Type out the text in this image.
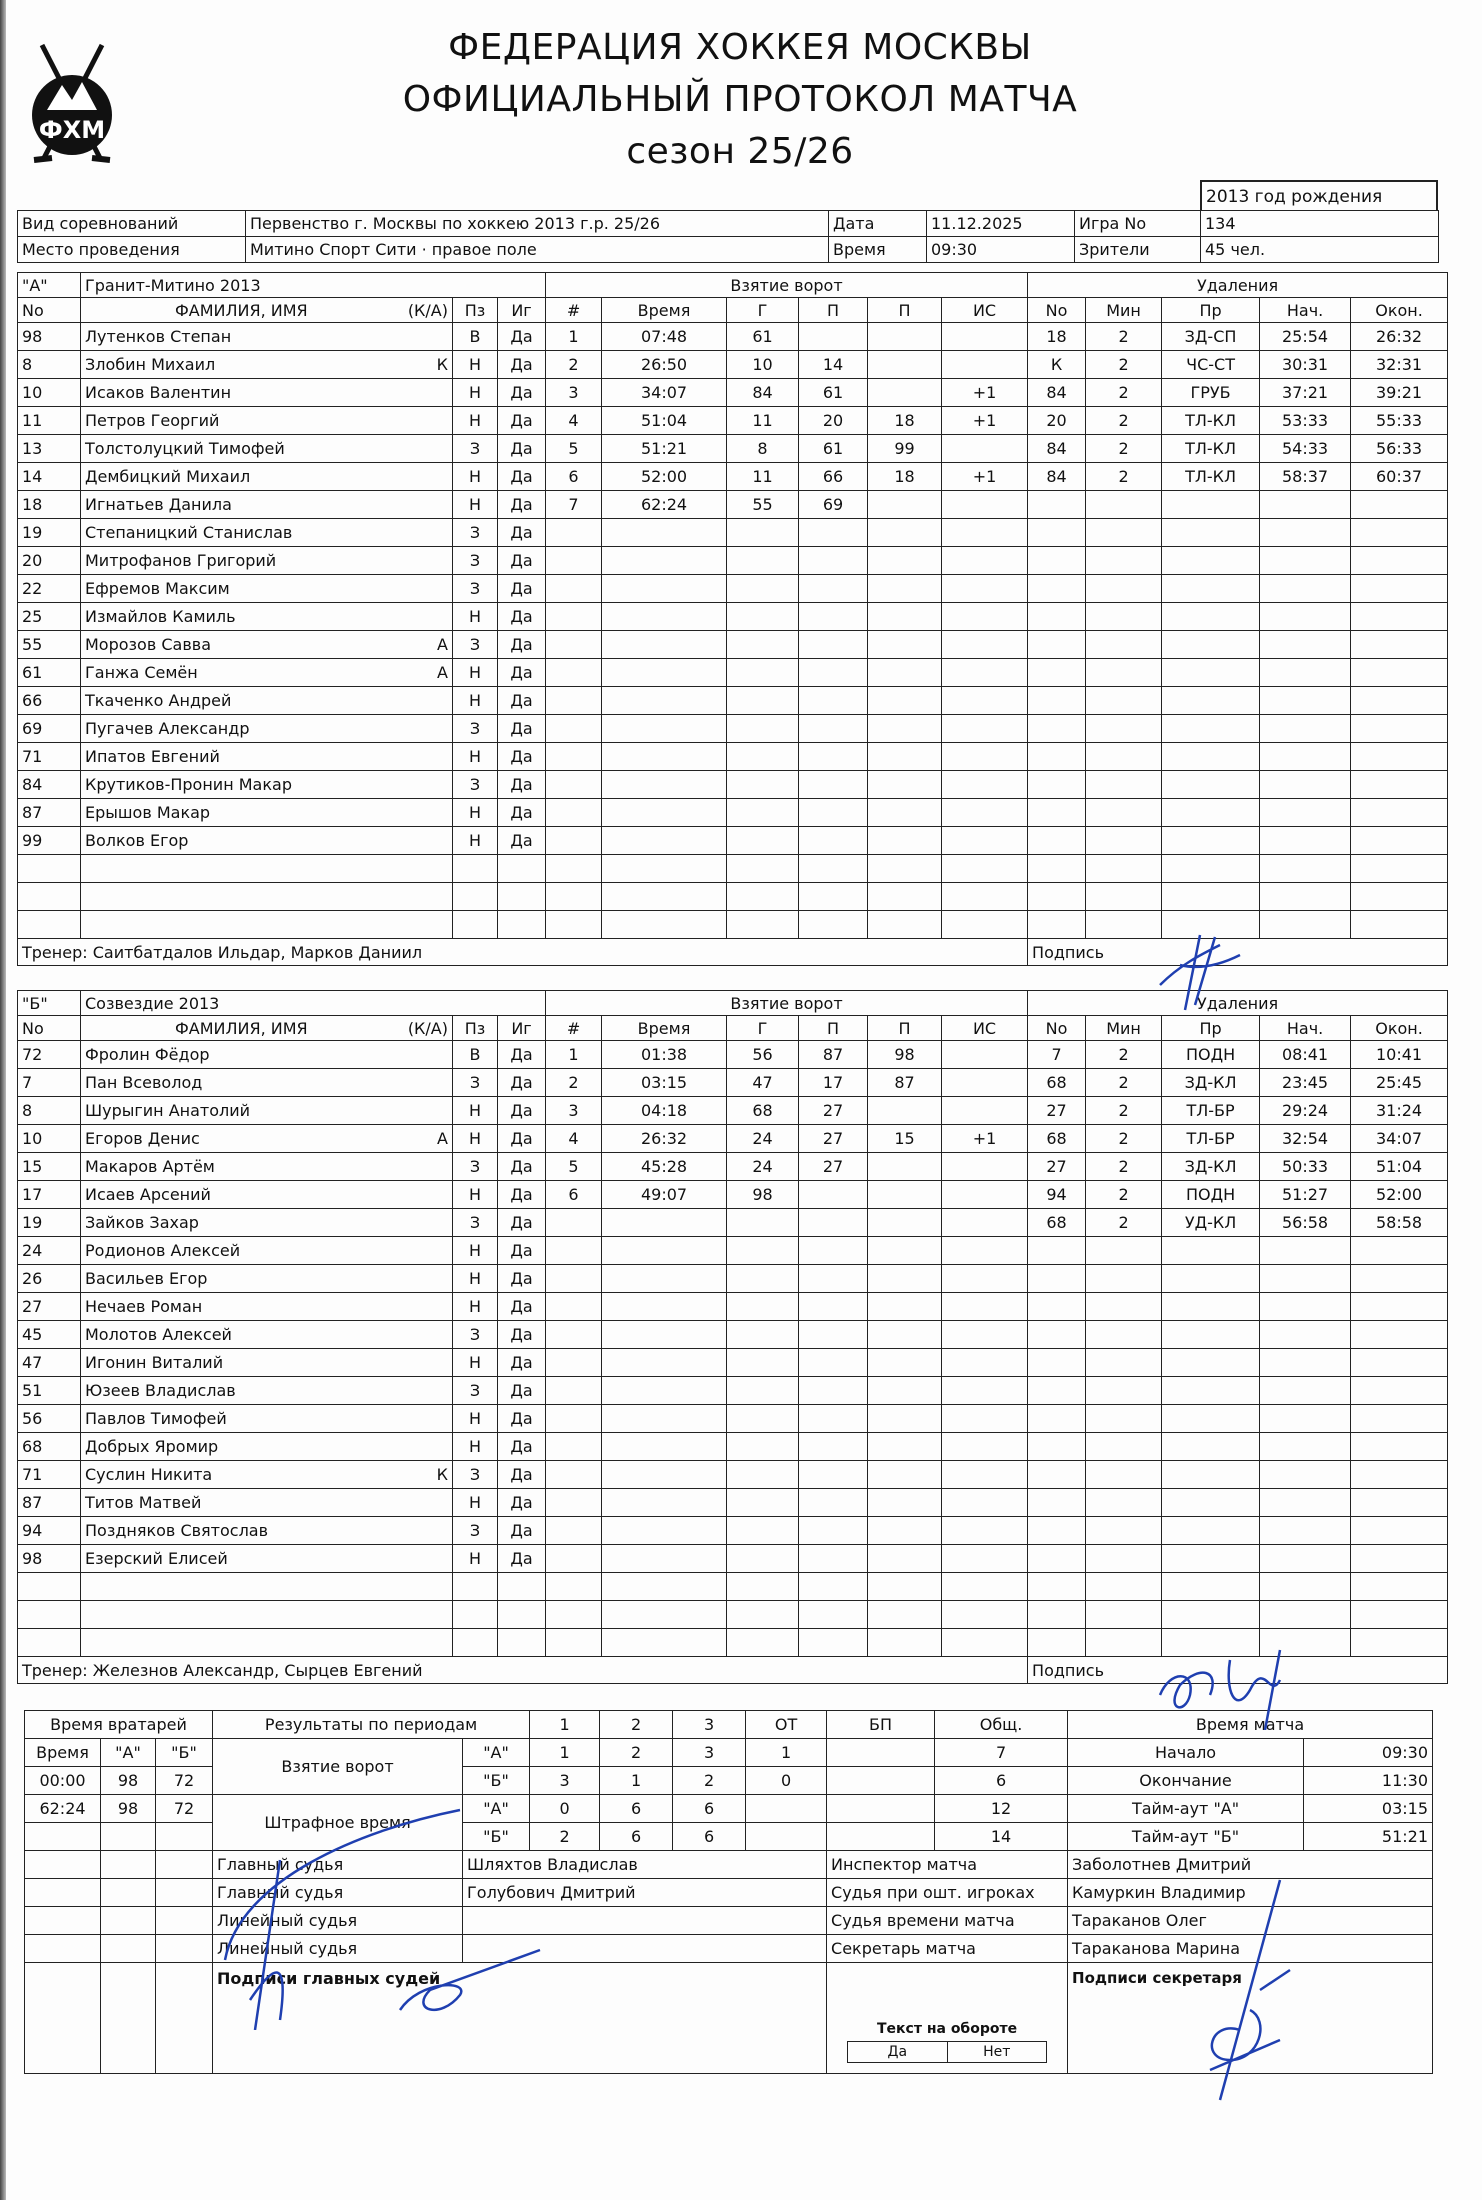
ФХМ
ФЕДЕРАЦИЯ ХОККЕЯ МОСКВЫ
ОФИЦИАЛЬНЫЙ ПРОТОКОЛ МАТЧА
сезон 25/26
2013 год рождения
Вид соревнований	Первенство г. Москвы по хоккею 2013 г.р. 25/26	Дата	11.12.2025	Игра No	134
Место проведения	Митино Спорт Сити · правое поле	Время	09:30	Зрители	45 чел.
"А"	Гранит-Митино 2013			Взятие ворот						Удаления				
No	ФАМИЛИЯ, ИМЯ (К/А)	Пз	Иг	#	Время	Г	П	П	ИС	No	Мин	Пр	Нач.	Окон.
98	Лутенков Степан	В	Да	1	07:48	61				18	2	ЗД-СП	25:54	26:32
8	Злобин Михаил К	Н	Да	2	26:50	10	14			К	2	ЧС-СТ	30:31	32:31
10	Исаков Валентин	Н	Да	3	34:07	84	61		+1	84	2	ГРУБ	37:21	39:21
11	Петров Георгий	Н	Да	4	51:04	11	20	18	+1	20	2	ТЛ-КЛ	53:33	55:33
13	Толстолуцкий Тимофей	З	Да	5	51:21	8	61	99		84	2	ТЛ-КЛ	54:33	56:33
14	Дембицкий Михаил	Н	Да	6	52:00	11	66	18	+1	84	2	ТЛ-КЛ	58:37	60:37
18	Игнатьев Данила	Н	Да	7	62:24	55	69							
19	Степаницкий Станислав	З	Да											
20	Митрофанов Григорий	З	Да											
22	Ефремов Максим	З	Да											
25	Измайлов Камиль	Н	Да											
55	Морозов Савва А	З	Да											
61	Ганжа Семён А	Н	Да											
66	Ткаченко Андрей	Н	Да											
69	Пугачев Александр	З	Да											
71	Ипатов Евгений	Н	Да											
84	Крутиков-Пронин Макар	З	Да											
87	Ерышов Макар	Н	Да											
99	Волков Егор	Н	Да											

Тренер: Саитбатдалов Ильдар, Марков Даниил										Подпись				
"Б"	Созвездие 2013			Взятие ворот						Удаления				
No	ФАМИЛИЯ, ИМЯ (К/А)	Пз	Иг	#	Время	Г	П	П	ИС	No	Мин	Пр	Нач.	Окон.
72	Фролин Фёдор	В	Да	1	01:38	56	87	98		7	2	ПОДН	08:41	10:41
7	Пан Всеволод	З	Да	2	03:15	47	17	87		68	2	ЗД-КЛ	23:45	25:45
8	Шурыгин Анатолий	Н	Да	3	04:18	68	27			27	2	ТЛ-БР	29:24	31:24
10	Егоров Денис А	Н	Да	4	26:32	24	27	15	+1	68	2	ТЛ-БР	32:54	34:07
15	Макаров Артём	З	Да	5	45:28	24	27			27	2	ЗД-КЛ	50:33	51:04
17	Исаев Арсений	Н	Да	6	49:07	98				94	2	ПОДН	51:27	52:00
19	Зайков Захар	З	Да							68	2	УД-КЛ	56:58	58:58
24	Родионов Алексей	Н	Да											
26	Васильев Егор	Н	Да											
27	Нечаев Роман	Н	Да											
45	Молотов Алексей	З	Да											
47	Игонин Виталий	Н	Да											
51	Юзеев Владислав	З	Да											
56	Павлов Тимофей	Н	Да											
68	Добрых Яромир	Н	Да											
71	Суслин Никита К	З	Да											
87	Титов Матвей	Н	Да											
94	Поздняков Святослав	З	Да											
98	Езерский Елисей	Н	Да											

Тренер: Железнов Александр, Сырцев Евгений										Подпись				
Время вратарей	Результаты по периодам	1	2	3	ОТ	БП	Общ.	Время матча
Время	"А"	"Б"	Взятие ворот	"А"	1	2	3	1		7	Начало	09:30
00:00	98	72	"Б"	3	1	2	0		6	Окончание	11:30
62:24	98	72	Штрафное время	"А"	0	6	6			12	Тайм-аут "А"	03:15
			"Б"	2	6	6			14	Тайм-аут "Б"	51:21
			Главный судья	Шляхтов Владислав	Инспектор матча	Заболотнев Дмитрий
			Главный судья	Голубович Дмитрий	Судья при ошт. игроках	Камуркин Владимир
			Линейный судья		Судья времени матча	Тараканов Олег
			Линейный судья		Секретарь матча	Тараканова Марина
			Подписи главных судей	
Текст на обороте
Да	Нет
	Подписи секретаря
